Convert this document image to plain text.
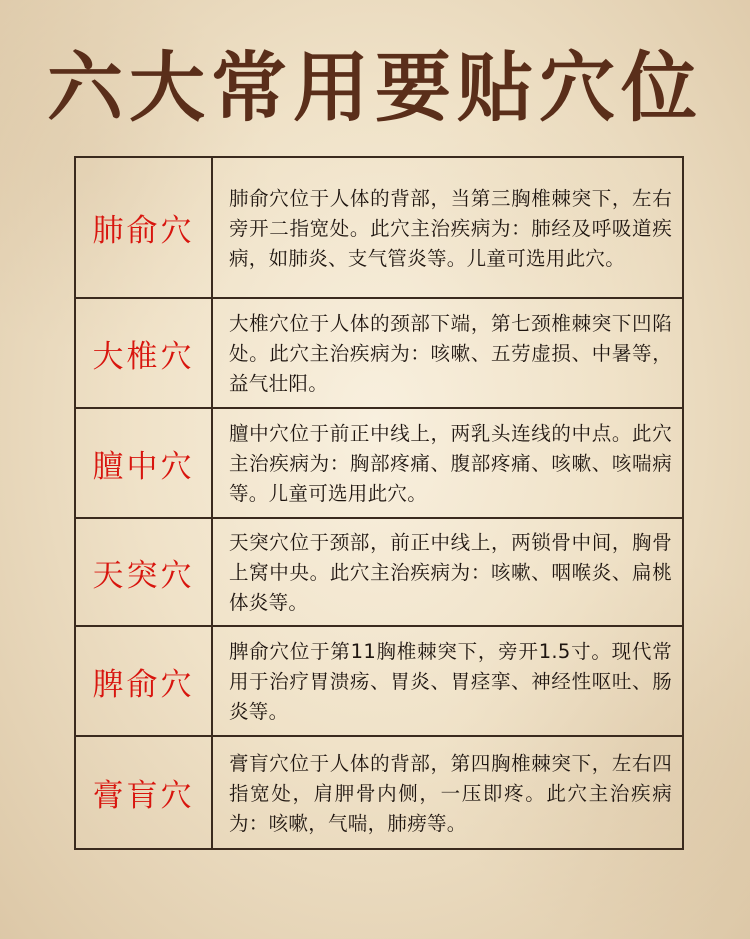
六大常用要贴穴位
肺俞穴
肺俞穴位于人体的背部，当第三胸椎棘突下，左右旁开二指宽处。此穴主治疾病为：肺经及呼吸道疾病，如肺炎、支气管炎等。儿童可选用此穴。
大椎穴
大椎穴位于人体的颈部下端，第七颈椎棘突下凹陷处。此穴主治疾病为：咳嗽、五劳虚损、中暑等，益气壮阳。
膻中穴
膻中穴位于前正中线上，两乳头连线的中点。此穴主治疾病为：胸部疼痛、腹部疼痛、咳嗽、咳喘病等。儿童可选用此穴。
天突穴
天突穴位于颈部，前正中线上，两锁骨中间，胸骨上窝中央。此穴主治疾病为：咳嗽、咽喉炎、扁桃体炎等。
脾俞穴
脾俞穴位于第11胸椎棘突下，旁开1.5寸。现代常用于治疗胃溃疡、胃炎、胃痉挛、神经性呕吐、肠炎等。
膏肓穴
膏肓穴位于人体的背部，第四胸椎棘突下，左右四指宽处，肩胛骨内侧，一压即疼。此穴主治疾病为：咳嗽，气喘，肺痨等。
